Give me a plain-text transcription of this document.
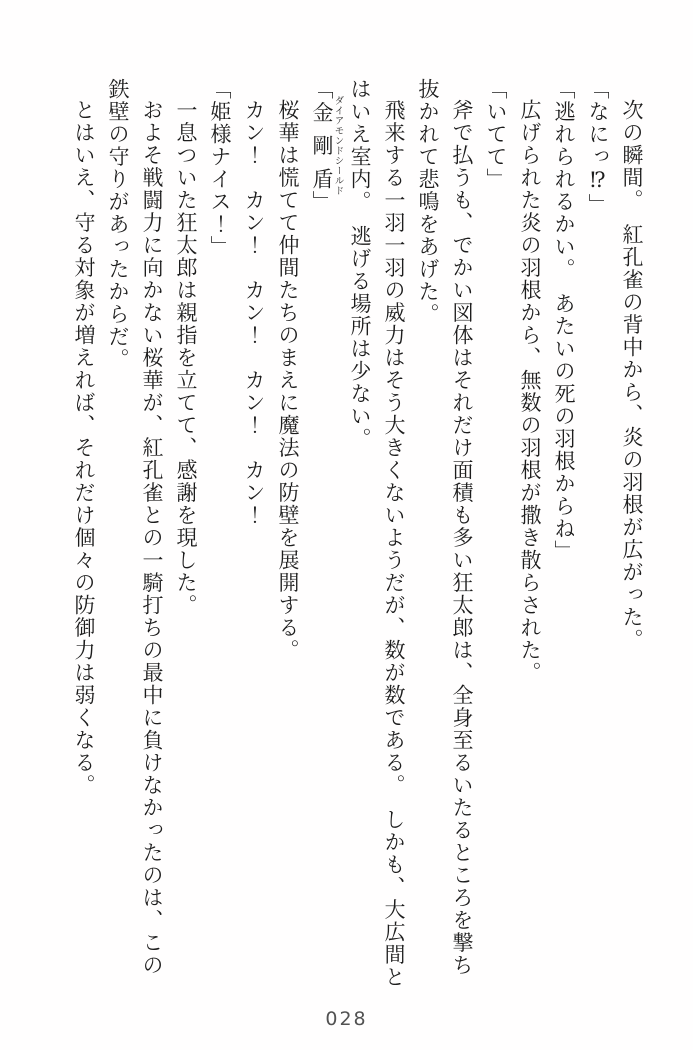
次の瞬間。　紅孔雀の背中から、炎の羽根が広がった。
「なにっ⁉」
「逃れられるかい。　あたいの死の羽根からね」
広げられた炎の羽根から、無数の羽根が撒き散らされた。
「いてて」
斧で払うも、でかい図体はそれだけ面積も多い狂太郎は、全身至るいたるところを撃ち
抜かれて悲鳴をあげた。
飛来する一羽一羽の威力はそう大きくないようだが、数が数である。　しかも、大広間と
はいえ室内。　逃げる場所は少ない。
「金剛盾ダイアモンドシールド」
桜華は慌てて仲間たちのまえに魔法の防壁を展開する。
カン！　カン！　カン！　カン！　カン！
「姫様ナイス！」
一息ついた狂太郎は親指を立てて、感謝を現した。
およそ戦闘力に向かない桜華が、紅孔雀との一騎打ちの最中に負けなかったのは、この
鉄壁の守りがあったからだ。
とはいえ、守る対象が増えれば、それだけ個々の防御力は弱くなる。
028
